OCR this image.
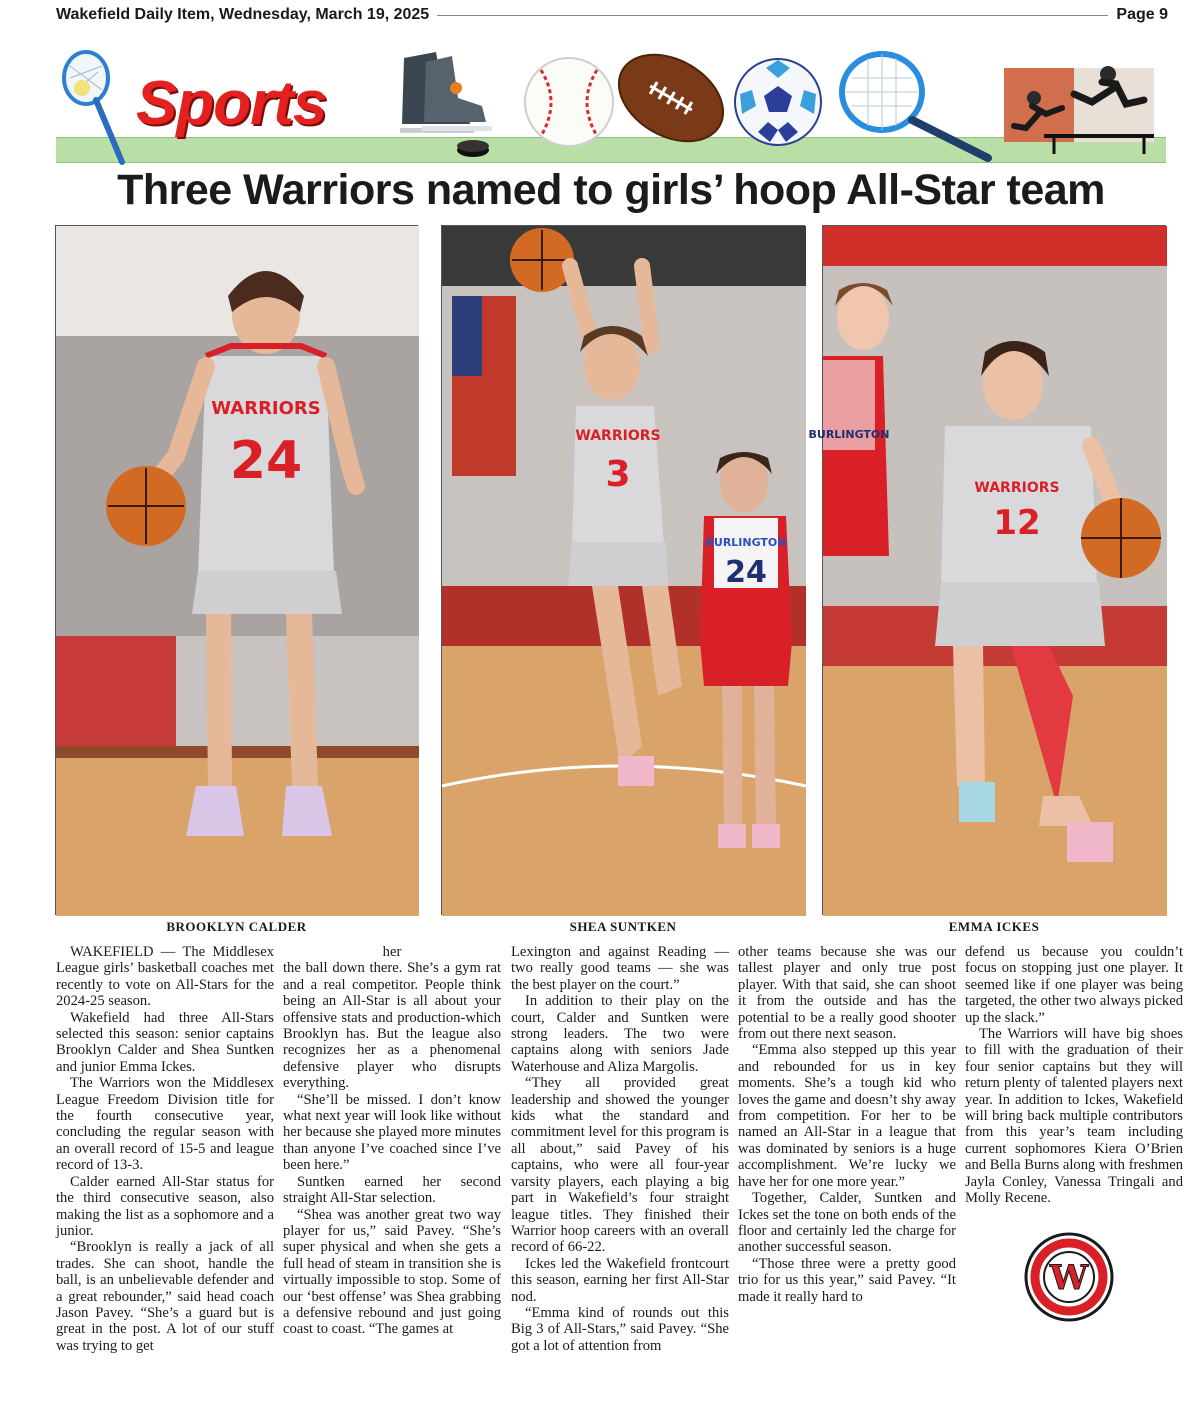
Wakefield Daily Item, Wednesday, March 19, 2025	Page 9
Sports
Three Warriors named to girls’ hoop All-Star team
WARRIORS
24	WARRIORS
3
BURLINGTON
24
BURLINGTON
WARRIORS
12
BROOKLYN CALDER	SHEA SUNTKEN	EMMA ICKES

WAKEFIELD — The Middlesex League girls’ basketball coaches met recently to vote on All-Stars for the 2024-25 season.

Wakefield had three All-Stars selected this season: senior captains Brooklyn Calder and Shea Suntken and junior Emma Ickes.

The Warriors won the Middlesex League Freedom Division title for the fourth consecutive year, concluding the regular season with an overall record of 15-5 and league record of 13-3.

Calder earned All-Star status for the third consecutive season, also making the list as a sophomore and a junior.

“Brooklyn is really a jack of all trades. She can shoot, handle the ball, is an unbelievable defender and a great rebounder,” said head coach Jason Pavey. “She’s a guard but is great in the post. A lot of our stuff was trying to get

her

the ball down there. She’s a gym rat and a real competitor. People think being an All-Star is all about your offensive stats and production-which Brooklyn has. But the league also recognizes her as a phenomenal defensive player who disrupts everything.

“She’ll be missed. I don’t know what next year will look like without her because she played more minutes than anyone I’ve coached since I’ve been here.”

Suntken earned her second straight All-Star selection.

“Shea was another great two way player for us,” said Pavey. “She’s super physical and when she gets a full head of steam in transition she is virtually impossible to stop. Some of our ‘best offense’ was Shea grabbing a defensive rebound and just going coast to coast. “The games at

Lexington and against Reading — two really good teams — she was the best player on the court.”

In addition to their play on the court, Calder and Suntken were strong leaders. The two were captains along with seniors Jade Waterhouse and Aliza Margolis.

“They all provided great leadership and showed the younger kids what the standard and commitment level for this program is all about,” said Pavey of his captains, who were all four-year varsity players, each playing a big part in Wakefield’s four straight league titles. They finished their Warrior hoop careers with an overall record of 66-22.

Ickes led the Wakefield frontcourt this season, earning her first All-Star nod.

“Emma kind of rounds out this Big 3 of All-Stars,” said Pavey. “She got a lot of attention from

other teams because she was our tallest player and only true post player. With that said, she can shoot it from the outside and has the potential to be a really good shooter from out there next season.

“Emma also stepped up this year and rebounded for us in key moments. She’s a tough kid who loves the game and doesn’t shy away from competition. For her to be named an All-Star in a league that was dominated by seniors is a huge accomplishment. We’re lucky we have her for one more year.”

Together, Calder, Suntken and Ickes set the tone on both ends of the floor and certainly led the charge for another successful season.

“Those three were a pretty good trio for us this year,” said Pavey. “It made it really hard to

defend us because you couldn’t focus on stopping just one player. It seemed like if one player was being targeted, the other two always picked up the slack.”

The Warriors will have big shoes to fill with the graduation of their four senior captains but they will return plenty of talented players next year. In addition to Ickes, Wakefield will bring back multiple contributors from this year’s team including current sophomores Kiera O’Brien and Bella Burns along with freshmen Jayla Conley, Vanessa Tringali and Molly Recene.

W
